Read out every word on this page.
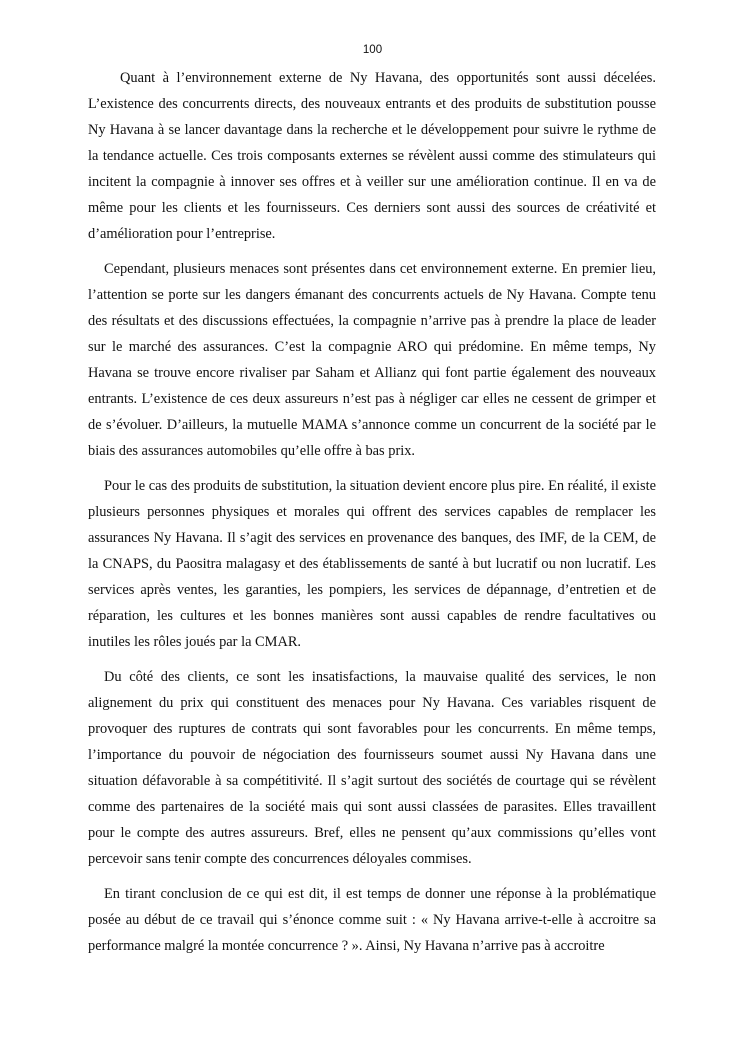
100

Quant à l’environnement externe de Ny Havana, des opportunités sont aussi décelées. L’existence des concurrents directs, des nouveaux entrants et des produits de substitution pousse Ny Havana à se lancer davantage dans la recherche et le développement pour suivre le rythme de la tendance actuelle. Ces trois composants externes se révèlent aussi comme des stimulateurs qui incitent la compagnie à innover ses offres et à veiller sur une amélioration continue. Il en va de même pour les clients et les fournisseurs. Ces derniers sont aussi des sources de créativité et d’amélioration pour l’entreprise.

Cependant, plusieurs menaces sont présentes dans cet environnement externe. En premier lieu, l’attention se porte sur les dangers émanant des concurrents actuels de Ny Havana. Compte tenu des résultats et des discussions effectuées, la compagnie n’arrive pas à prendre la place de leader sur le marché des assurances. C’est la compagnie ARO qui prédomine. En même temps, Ny Havana se trouve encore rivaliser par Saham et Allianz qui font partie également des nouveaux entrants. L’existence de ces deux assureurs n’est pas à négliger car elles ne cessent de grimper et de s’évoluer. D’ailleurs, la mutuelle MAMA s’annonce comme un concurrent de la société par le biais des assurances automobiles qu’elle offre à bas prix.

Pour le cas des produits de substitution, la situation devient encore plus pire. En réalité, il existe plusieurs personnes physiques et morales qui offrent des services capables de remplacer les assurances Ny Havana. Il s’agit des services en provenance des banques, des IMF, de la CEM, de la CNAPS, du Paositra malagasy et des établissements de santé à but lucratif ou non lucratif. Les services après ventes, les garanties, les pompiers, les services de dépannage, d’entretien et de réparation, les cultures et les bonnes manières sont aussi capables de rendre facultatives ou inutiles les rôles joués par la CMAR.

Du côté des clients, ce sont les insatisfactions, la mauvaise qualité des services, le non alignement du prix qui constituent des menaces pour Ny Havana. Ces variables risquent de provoquer des ruptures de contrats qui sont favorables pour les concurrents. En même temps, l’importance du pouvoir de négociation des fournisseurs soumet aussi Ny Havana dans une situation défavorable à sa compétitivité. Il s’agit surtout des sociétés de courtage qui se révèlent comme des partenaires de la société mais qui sont aussi classées de parasites. Elles travaillent pour le compte des autres assureurs. Bref, elles ne pensent qu’aux commissions qu’elles vont percevoir sans tenir compte des concurrences déloyales commises.

En tirant conclusion de ce qui est dit, il est temps de donner une réponse à la problématique posée au début de ce travail qui s’énonce comme suit : « Ny Havana arrive-t-elle à accroitre sa performance malgré la montée concurrence ? ». Ainsi, Ny Havana n’arrive pas à accroitre
